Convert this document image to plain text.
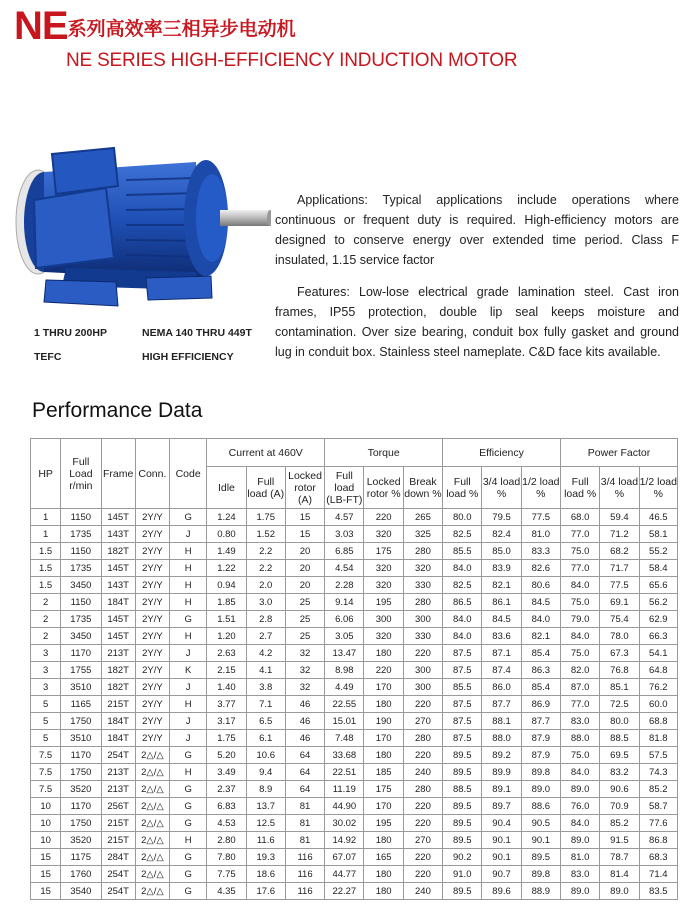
NE系列高效率三相异步电动机
NE SERIES HIGH-EFFICIENCY INDUCTION MOTOR
1 THRU 200HP	NEMA 140 THRU 449T
TEFC	HIGH EFFICIENCY
Applications: Typical applications include operations where continuous or frequent duty is required. High-efficiency motors are designed to conserve energy over extended time period. Class F insulated, 1.15 service factor
Features: Low-lose electrical grade lamination steel. Cast iron frames, IP55 protection, double lip seal keeps moisture and contamination. Over size bearing, conduit box fully gasket and ground lug in conduit box. Stainless steel nameplate. C&D face kits available.
Performance Data
HP	Full Load r/min	Frame	Conn.	Code	Current at 460V			Torque			Efficiency			Power Factor		
					Idle	Full load (A)	Locked rotor (A)	Full load (LB-FT)	Locked rotor %	Break down %	Full load %	3/4 load %	1/2 load %	Full load %	3/4 load %	1/2 load %
1	1150	145T	2Y/Y	G	1.24	1.75	15	4.57	220	265	80.0	79.5	77.5	68.0	59.4	46.5
1	1735	143T	2Y/Y	J	0.80	1.52	15	3.03	320	325	82.5	82.4	81.0	77.0	71.2	58.1
1.5	1150	182T	2Y/Y	H	1.49	2.2	20	6.85	175	280	85.5	85.0	83.3	75.0	68.2	55.2
1.5	1735	145T	2Y/Y	H	1.22	2.2	20	4.54	320	320	84.0	83.9	82.6	77.0	71.7	58.4
1.5	3450	143T	2Y/Y	H	0.94	2.0	20	2.28	320	330	82.5	82.1	80.6	84.0	77.5	65.6
2	1150	184T	2Y/Y	H	1.85	3.0	25	9.14	195	280	86.5	86.1	84.5	75.0	69.1	56.2
2	1735	145T	2Y/Y	G	1.51	2.8	25	6.06	300	300	84.0	84.5	84.0	79.0	75.4	62.9
2	3450	145T	2Y/Y	H	1.20	2.7	25	3.05	320	330	84.0	83.6	82.1	84.0	78.0	66.3
3	1170	213T	2Y/Y	J	2.63	4.2	32	13.47	180	220	87.5	87.1	85.4	75.0	67.3	54.1
3	1755	182T	2Y/Y	K	2.15	4.1	32	8.98	220	300	87.5	87.4	86.3	82.0	76.8	64.8
3	3510	182T	2Y/Y	J	1.40	3.8	32	4.49	170	300	85.5	86.0	85.4	87.0	85.1	76.2
5	1165	215T	2Y/Y	H	3.77	7.1	46	22.55	180	220	87.5	87.7	86.9	77.0	72.5	60.0
5	1750	184T	2Y/Y	J	3.17	6.5	46	15.01	190	270	87.5	88.1	87.7	83.0	80.0	68.8
5	3510	184T	2Y/Y	J	1.75	6.1	46	7.48	170	280	87.5	88.0	87.9	88.0	88.5	81.8
7.5	1170	254T	2△/△	G	5.20	10.6	64	33.68	180	220	89.5	89.2	87.9	75.0	69.5	57.5
7.5	1750	213T	2△/△	H	3.49	9.4	64	22.51	185	240	89.5	89.9	89.8	84.0	83.2	74.3
7.5	3520	213T	2△/△	G	2.37	8.9	64	11.19	175	280	88.5	89.1	89.0	89.0	90.6	85.2
10	1170	256T	2△/△	G	6.83	13.7	81	44.90	170	220	89.5	89.7	88.6	76.0	70.9	58.7
10	1750	215T	2△/△	G	4.53	12.5	81	30.02	195	220	89.5	90.4	90.5	84.0	85.2	77.6
10	3520	215T	2△/△	H	2.80	11.6	81	14.92	180	270	89.5	90.1	90.1	89.0	91.5	86.8
15	1175	284T	2△/△	G	7.80	19.3	116	67.07	165	220	90.2	90.1	89.5	81.0	78.7	68.3
15	1760	254T	2△/△	G	7.75	18.6	116	44.77	180	220	91.0	90.7	89.8	83.0	81.4	71.4
15	3540	254T	2△/△	G	4.35	17.6	116	22.27	180	240	89.5	89.6	88.9	89.0	89.0	83.5
